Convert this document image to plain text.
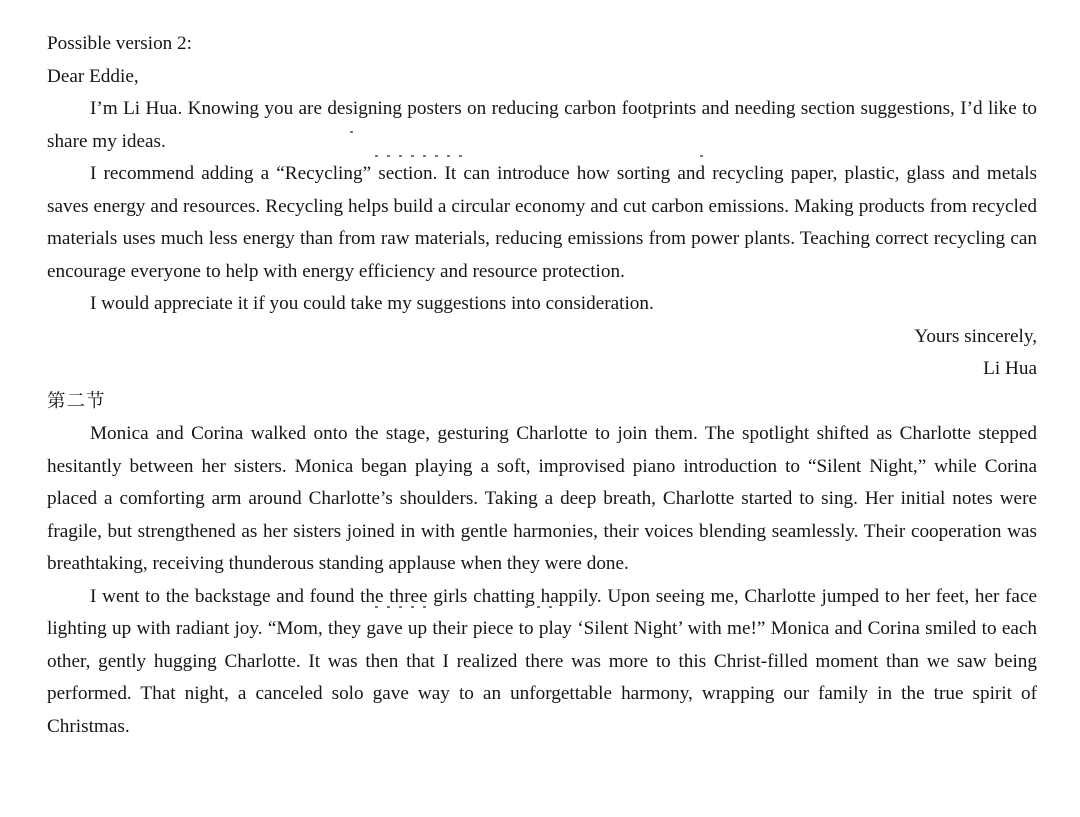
Possible version 2:

Dear Eddie,

I’m Li Hua. Knowing you are designing posters on reducing carbon footprints and needing section suggestions, I’d like to share my ideas.

I recommend adding a “Recycling” section. It can introduce how sorting and recycling paper, plastic, glass and metals saves energy and resources. Recycling helps build a circular economy and cut carbon emissions. Making products from recycled materials uses much less energy than from raw materials, reducing emissions from power plants. Teaching correct recycling can encourage everyone to help with energy efficiency and resource protection.

I would appreciate it if you could take my suggestions into consideration.

Yours sincerely,

Li Hua

第二节

Monica and Corina walked onto the stage, gesturing Charlotte to join them. The spotlight shifted as Charlotte stepped hesitantly between her sisters. Monica began playing a soft, improvised piano introduction to “Silent Night,” while Corina placed a comforting arm around Charlotte’s shoulders. Taking a deep breath, Charlotte started to sing. Her initial notes were fragile, but strengthened as her sisters joined in with gentle harmonies, their voices blending seamlessly. Their cooperation was breathtaking, receiving thunderous standing applause when they were done.

I went to the backstage and found the three girls chatting happily. Upon seeing me, Charlotte jumped to her feet, her face lighting up with radiant joy. “Mom, they gave up their piece to play ‘Silent Night’ with me!” Monica and Corina smiled to each other, gently hugging Charlotte. It was then that I realized there was more to this Christ-filled moment than we saw being performed. That night, a canceled solo gave way to an unforgettable harmony, wrapping our family in the true spirit of Christmas.
